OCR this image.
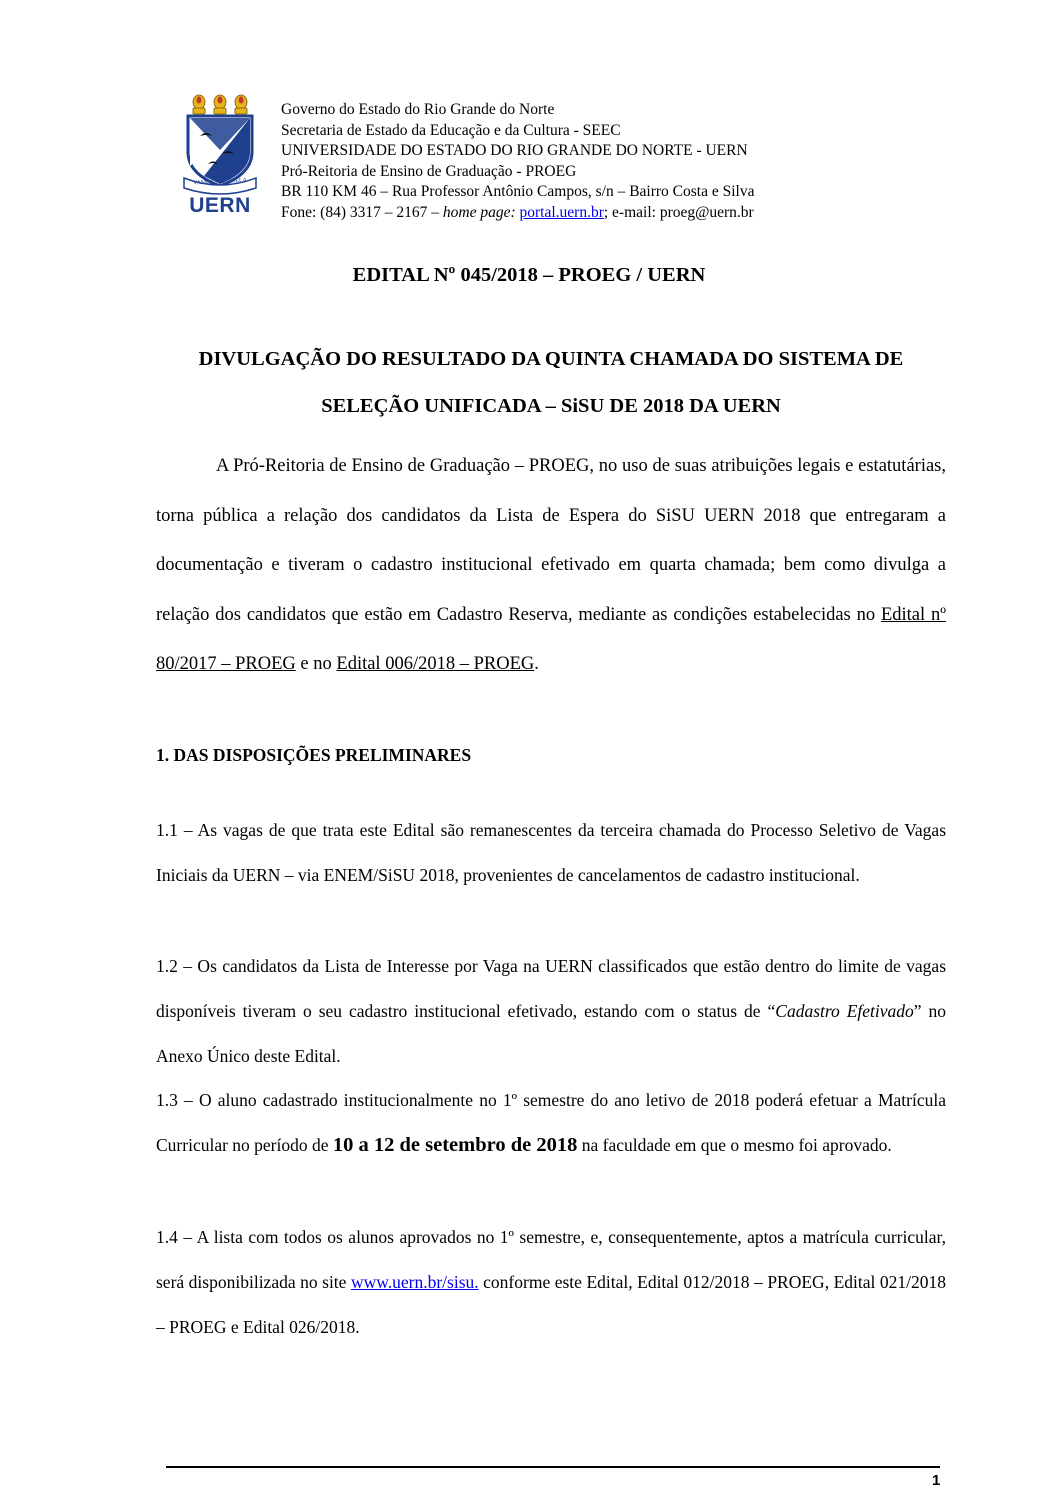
VAMOS A ESTRELA
UERN
Governo do Estado do Rio Grande do Norte
Secretaria de Estado da Educação e da Cultura - SEEC
UNIVERSIDADE DO ESTADO DO RIO GRANDE DO NORTE - UERN
Pró-Reitoria de Ensino de Graduação - PROEG
BR 110 KM 46 – Rua Professor Antônio Campos, s/n – Bairro Costa e Silva
Fone: (84) 3317 – 2167 – home page: portal.uern.br; e-mail: proeg@uern.br
EDITAL Nº 045/2018 – PROEG / UERN
DIVULGAÇÃO DO RESULTADO DA QUINTA CHAMADA DO SISTEMA DE SELEÇÃO UNIFICADA – SiSU DE 2018 DA UERN
A Pró-Reitoria de Ensino de Graduação – PROEG, no uso de suas atribuições legais e estatutárias, torna pública a relação dos candidatos da Lista de Espera do SiSU UERN 2018 que entregaram a documentação e tiveram o cadastro institucional efetivado em quarta chamada; bem como divulga a relação dos candidatos que estão em Cadastro Reserva, mediante as condições estabelecidas no Edital nº 80/2017 – PROEG e no Edital 006/2018 – PROEG.
1. DAS DISPOSIÇÕES PRELIMINARES
1.1 – As vagas de que trata este Edital são remanescentes da terceira chamada do Processo Seletivo de Vagas Iniciais da UERN – via ENEM/SiSU 2018, provenientes de cancelamentos de cadastro institucional.
1.2 – Os candidatos da Lista de Interesse por Vaga na UERN classificados que estão dentro do limite de vagas disponíveis tiveram o seu cadastro institucional efetivado, estando com o status de “Cadastro Efetivado” no Anexo Único deste Edital.
1.3 – O aluno cadastrado institucionalmente no 1º semestre do ano letivo de 2018 poderá efetuar a Matrícula Curricular no período de 10 a 12 de setembro de 2018 na faculdade em que o mesmo foi aprovado.
1.4 – A lista com todos os alunos aprovados no 1º semestre, e, consequentemente, aptos a matrícula curricular, será disponibilizada no site www.uern.br/sisu. conforme este Edital, Edital 012/2018 – PROEG, Edital 021/2018 – PROEG e Edital 026/2018.
1
